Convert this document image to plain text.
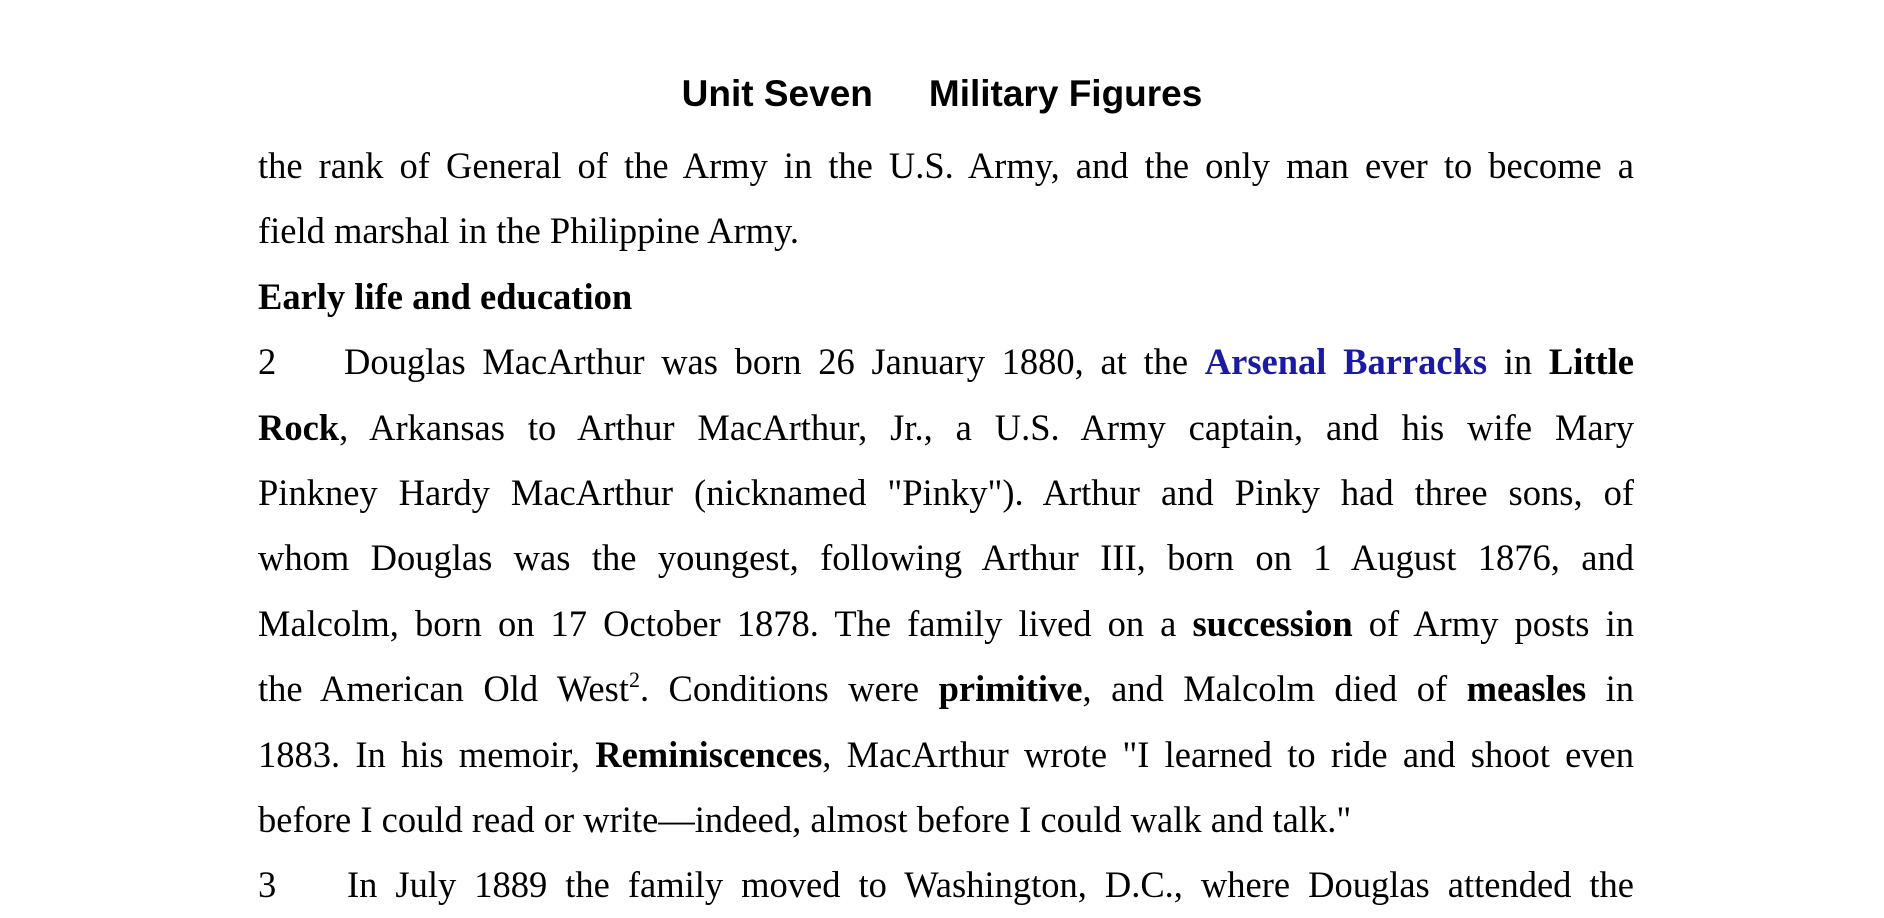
Unit Seven Military Figures
the rank of General of the Army in the U.S. Army, and the only man ever to become a
field marshal in the Philippine Army.
Early life and education
2 Douglas MacArthur was born 26 January 1880, at the Arsenal Barracks in Little
Rock, Arkansas to Arthur MacArthur, Jr., a U.S. Army captain, and his wife Mary
Pinkney Hardy MacArthur (nicknamed "Pinky"). Arthur and Pinky had three sons, of
whom Douglas was the youngest, following Arthur III, born on 1 August 1876, and
Malcolm, born on 17 October 1878. The family lived on a succession of Army posts in
the American Old West$^2$. Conditions were primitive, and Malcolm died of measles in
1883. In his memoir, Reminiscences, MacArthur wrote "I learned to ride and shoot even
before I could read or write—indeed, almost before I could walk and talk."
3 In July 1889 the family moved to Washington, D.C., where Douglas attended the
